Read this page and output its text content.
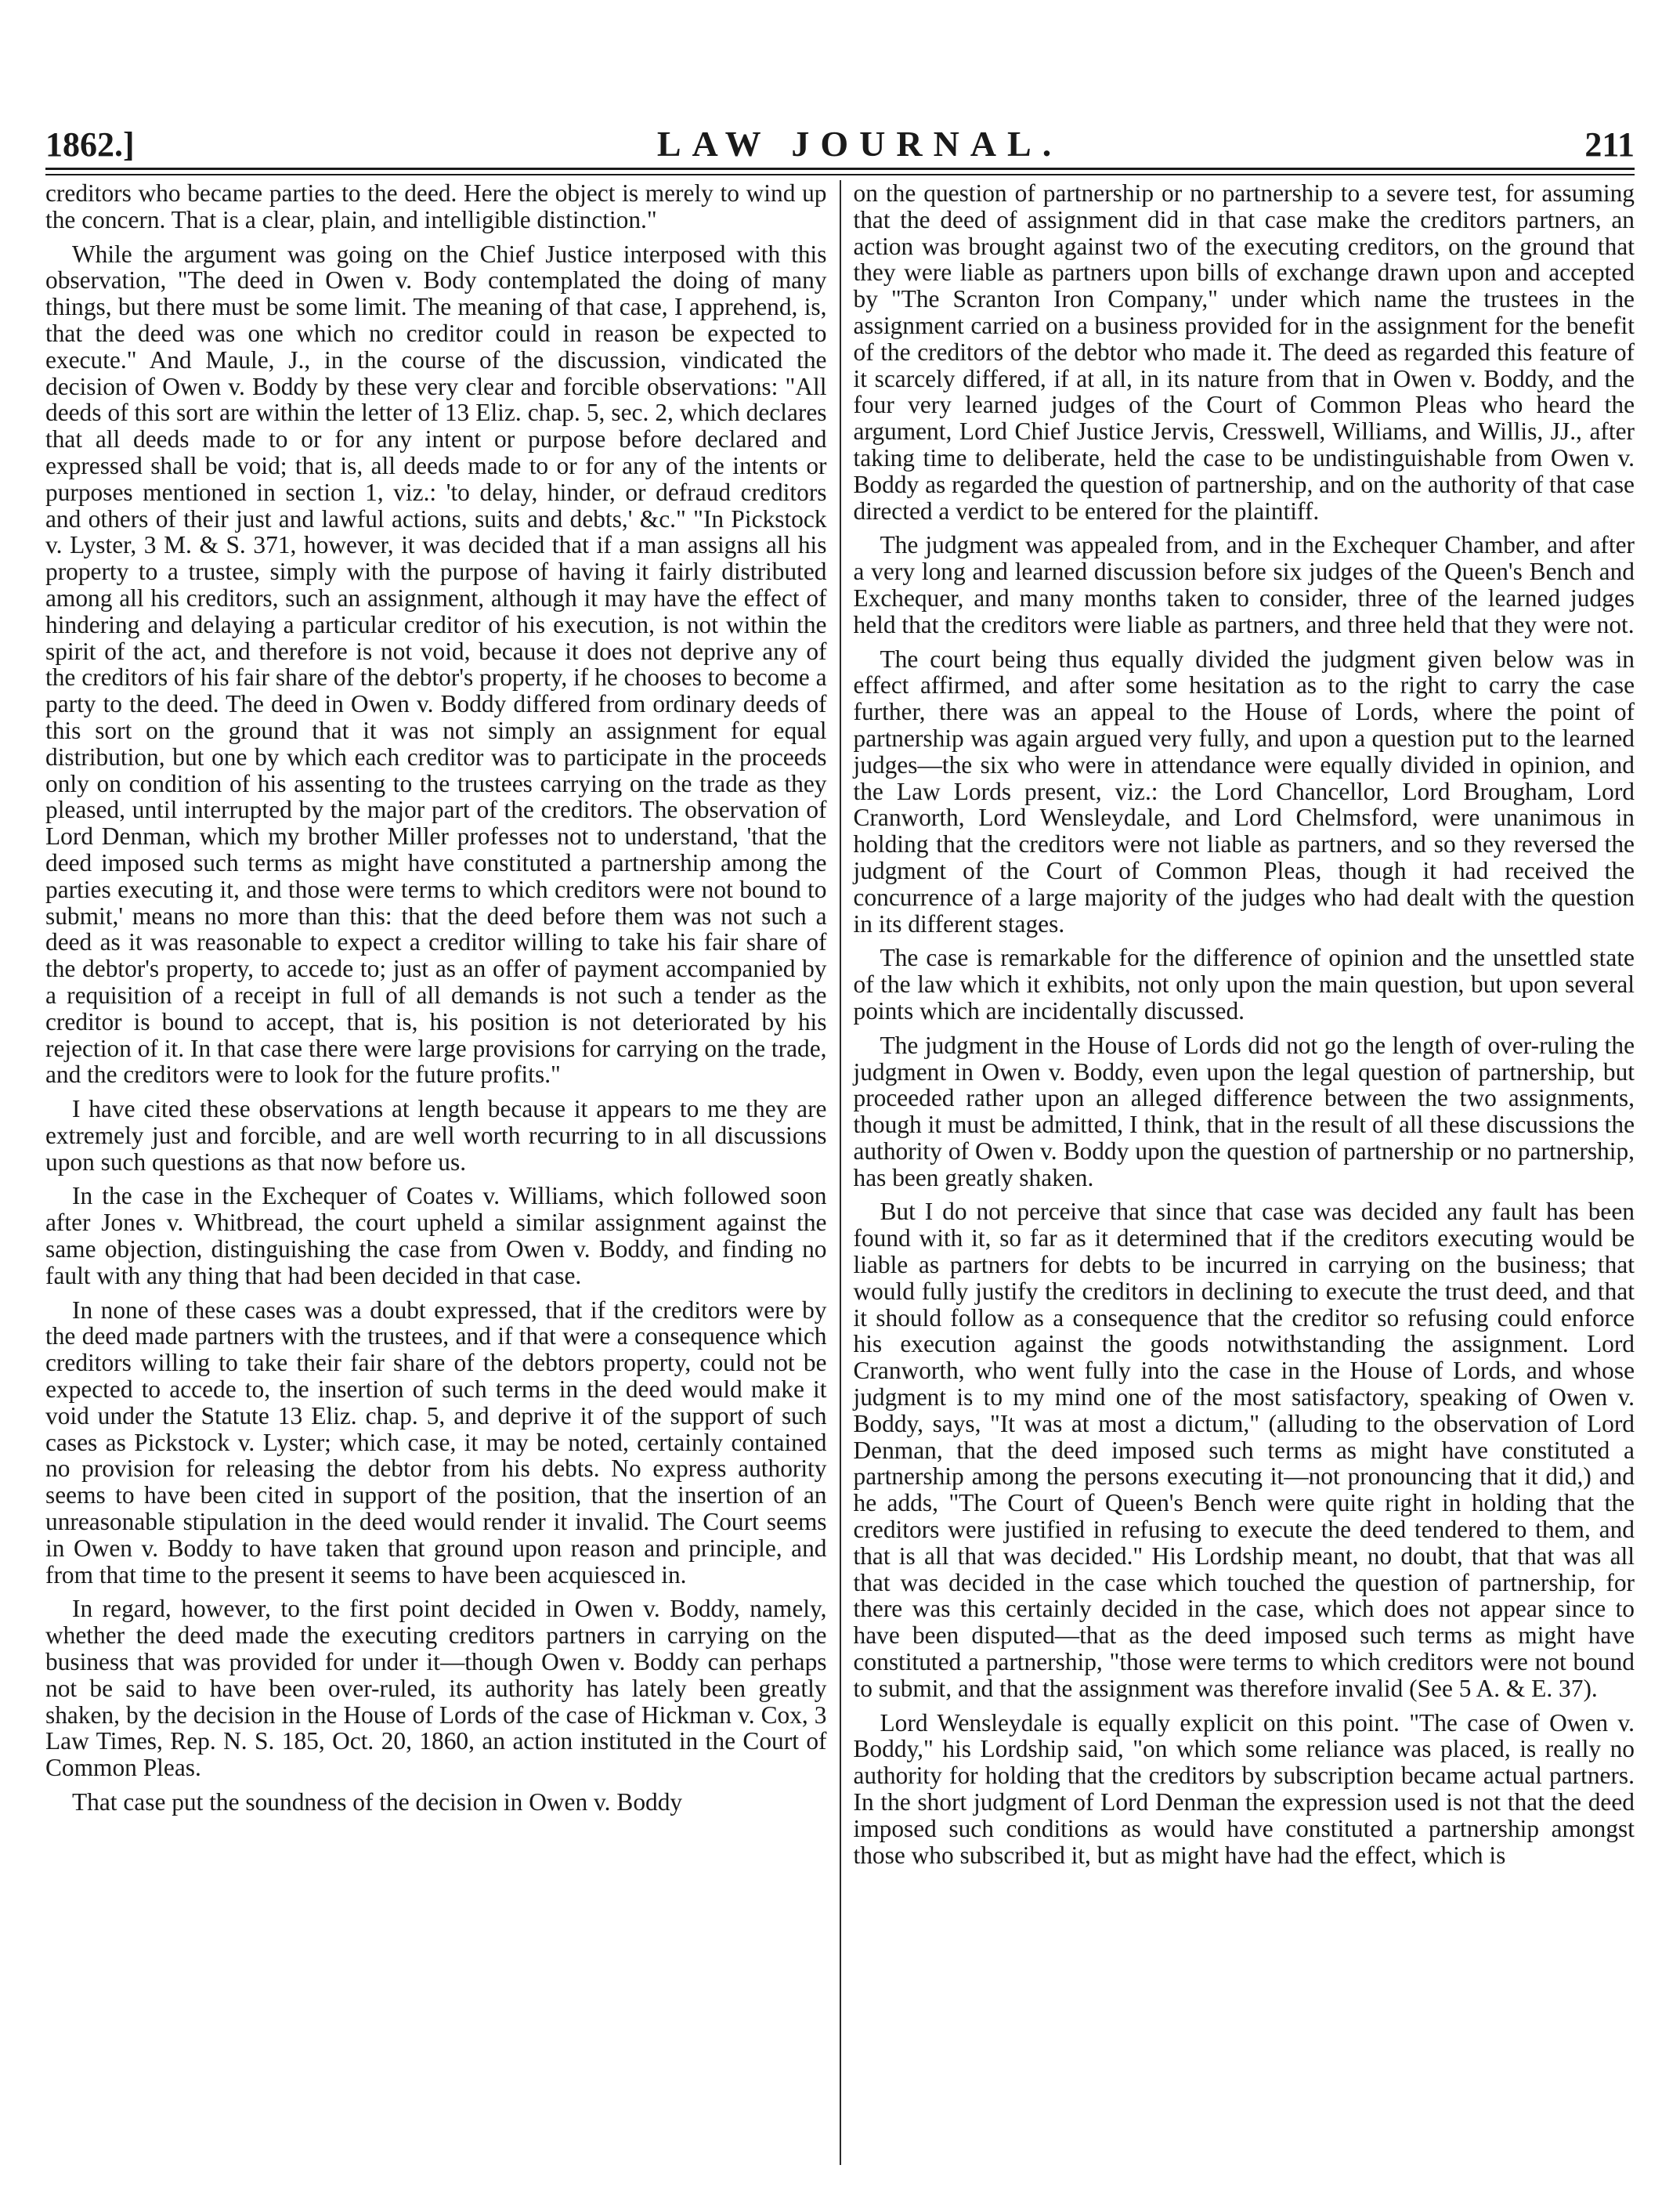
1862.]	LAW JOURNAL.	211

creditors who became parties to the deed. Here the object is merely to wind up the concern. That is a clear, plain, and intelligible distinction."

While the argument was going on the Chief Justice interposed with this observation, "The deed in Owen v. Body contemplated the doing of many things, but there must be some limit. The meaning of that case, I apprehend, is, that the deed was one which no creditor could in reason be expected to execute." And Maule, J., in the course of the discussion, vindicated the decision of Owen v. Boddy by these very clear and forcible observations: "All deeds of this sort are within the letter of 13 Eliz. chap. 5, sec. 2, which declares that all deeds made to or for any intent or purpose before declared and expressed shall be void; that is, all deeds made to or for any of the intents or purposes mentioned in section 1, viz.: 'to delay, hinder, or defraud creditors and others of their just and lawful actions, suits and debts,' &c." "In Pickstock v. Lyster, 3 M. & S. 371, however, it was decided that if a man assigns all his property to a trustee, simply with the purpose of having it fairly distributed among all his creditors, such an assignment, although it may have the effect of hindering and delaying a particular creditor of his execution, is not within the spirit of the act, and therefore is not void, because it does not deprive any of the creditors of his fair share of the debtor's property, if he chooses to become a party to the deed. The deed in Owen v. Boddy differed from ordinary deeds of this sort on the ground that it was not simply an assignment for equal distribution, but one by which each creditor was to participate in the proceeds only on condition of his assenting to the trustees carrying on the trade as they pleased, until interrupted by the major part of the creditors. The observation of Lord Denman, which my brother Miller professes not to understand, 'that the deed imposed such terms as might have constituted a partnership among the parties executing it, and those were terms to which creditors were not bound to submit,' means no more than this: that the deed before them was not such a deed as it was reasonable to expect a creditor willing to take his fair share of the debtor's property, to accede to; just as an offer of payment accompanied by a requisition of a receipt in full of all demands is not such a tender as the creditor is bound to accept, that is, his position is not deteriorated by his rejection of it. In that case there were large provisions for carrying on the trade, and the creditors were to look for the future profits."

I have cited these observations at length because it appears to me they are extremely just and forcible, and are well worth recurring to in all discussions upon such questions as that now before us.

In the case in the Exchequer of Coates v. Williams, which followed soon after Jones v. Whitbread, the court upheld a similar assignment against the same objection, distinguishing the case from Owen v. Boddy, and finding no fault with any thing that had been decided in that case.

In none of these cases was a doubt expressed, that if the creditors were by the deed made partners with the trustees, and if that were a consequence which creditors willing to take their fair share of the debtors property, could not be expected to accede to, the insertion of such terms in the deed would make it void under the Statute 13 Eliz. chap. 5, and deprive it of the support of such cases as Pickstock v. Lyster; which case, it may be noted, certainly contained no provision for releasing the debtor from his debts. No express authority seems to have been cited in support of the position, that the insertion of an unreasonable stipulation in the deed would render it invalid. The Court seems in Owen v. Boddy to have taken that ground upon reason and principle, and from that time to the present it seems to have been acquiesced in.

In regard, however, to the first point decided in Owen v. Boddy, namely, whether the deed made the executing creditors partners in carrying on the business that was provided for under it—though Owen v. Boddy can perhaps not be said to have been over-ruled, its authority has lately been greatly shaken, by the decision in the House of Lords of the case of Hickman v. Cox, 3 Law Times, Rep. N. S. 185, Oct. 20, 1860, an action instituted in the Court of Common Pleas.

That case put the soundness of the decision in Owen v. Boddy

on the question of partnership or no partnership to a severe test, for assuming that the deed of assignment did in that case make the creditors partners, an action was brought against two of the executing creditors, on the ground that they were liable as partners upon bills of exchange drawn upon and accepted by "The Scranton Iron Company," under which name the trustees in the assignment carried on a business provided for in the assignment for the benefit of the creditors of the debtor who made it. The deed as regarded this feature of it scarcely differed, if at all, in its nature from that in Owen v. Boddy, and the four very learned judges of the Court of Common Pleas who heard the argument, Lord Chief Justice Jervis, Cresswell, Williams, and Willis, JJ., after taking time to deliberate, held the case to be undistinguishable from Owen v. Boddy as regarded the question of partnership, and on the authority of that case directed a verdict to be entered for the plaintiff.

The judgment was appealed from, and in the Exchequer Chamber, and after a very long and learned discussion before six judges of the Queen's Bench and Exchequer, and many months taken to consider, three of the learned judges held that the creditors were liable as partners, and three held that they were not.

The court being thus equally divided the judgment given below was in effect affirmed, and after some hesitation as to the right to carry the case further, there was an appeal to the House of Lords, where the point of partnership was again argued very fully, and upon a question put to the learned judges—the six who were in attendance were equally divided in opinion, and the Law Lords present, viz.: the Lord Chancellor, Lord Brougham, Lord Cranworth, Lord Wensleydale, and Lord Chelmsford, were unanimous in holding that the creditors were not liable as partners, and so they reversed the judgment of the Court of Common Pleas, though it had received the concurrence of a large majority of the judges who had dealt with the question in its different stages.

The case is remarkable for the difference of opinion and the unsettled state of the law which it exhibits, not only upon the main question, but upon several points which are incidentally discussed.

The judgment in the House of Lords did not go the length of over-ruling the judgment in Owen v. Boddy, even upon the legal question of partnership, but proceeded rather upon an alleged difference between the two assignments, though it must be admitted, I think, that in the result of all these discussions the authority of Owen v. Boddy upon the question of partnership or no partnership, has been greatly shaken.

But I do not perceive that since that case was decided any fault has been found with it, so far as it determined that if the creditors executing would be liable as partners for debts to be incurred in carrying on the business; that would fully justify the creditors in declining to execute the trust deed, and that it should follow as a consequence that the creditor so refusing could enforce his execution against the goods notwithstanding the assignment. Lord Cranworth, who went fully into the case in the House of Lords, and whose judgment is to my mind one of the most satisfactory, speaking of Owen v. Boddy, says, "It was at most a dictum," (alluding to the observation of Lord Denman, that the deed imposed such terms as might have constituted a partnership among the persons executing it—not pronouncing that it did,) and he adds, "The Court of Queen's Bench were quite right in holding that the creditors were justified in refusing to execute the deed tendered to them, and that is all that was decided." His Lordship meant, no doubt, that that was all that was decided in the case which touched the question of partnership, for there was this certainly decided in the case, which does not appear since to have been disputed—that as the deed imposed such terms as might have constituted a partnership, "those were terms to which creditors were not bound to submit, and that the assignment was therefore invalid (See 5 A. & E. 37).

Lord Wensleydale is equally explicit on this point. "The case of Owen v. Boddy," his Lordship said, "on which some reliance was placed, is really no authority for holding that the creditors by subscription became actual partners. In the short judgment of Lord Denman the expression used is not that the deed imposed such conditions as would have constituted a partnership amongst those who subscribed it, but as might have had the effect, which is
